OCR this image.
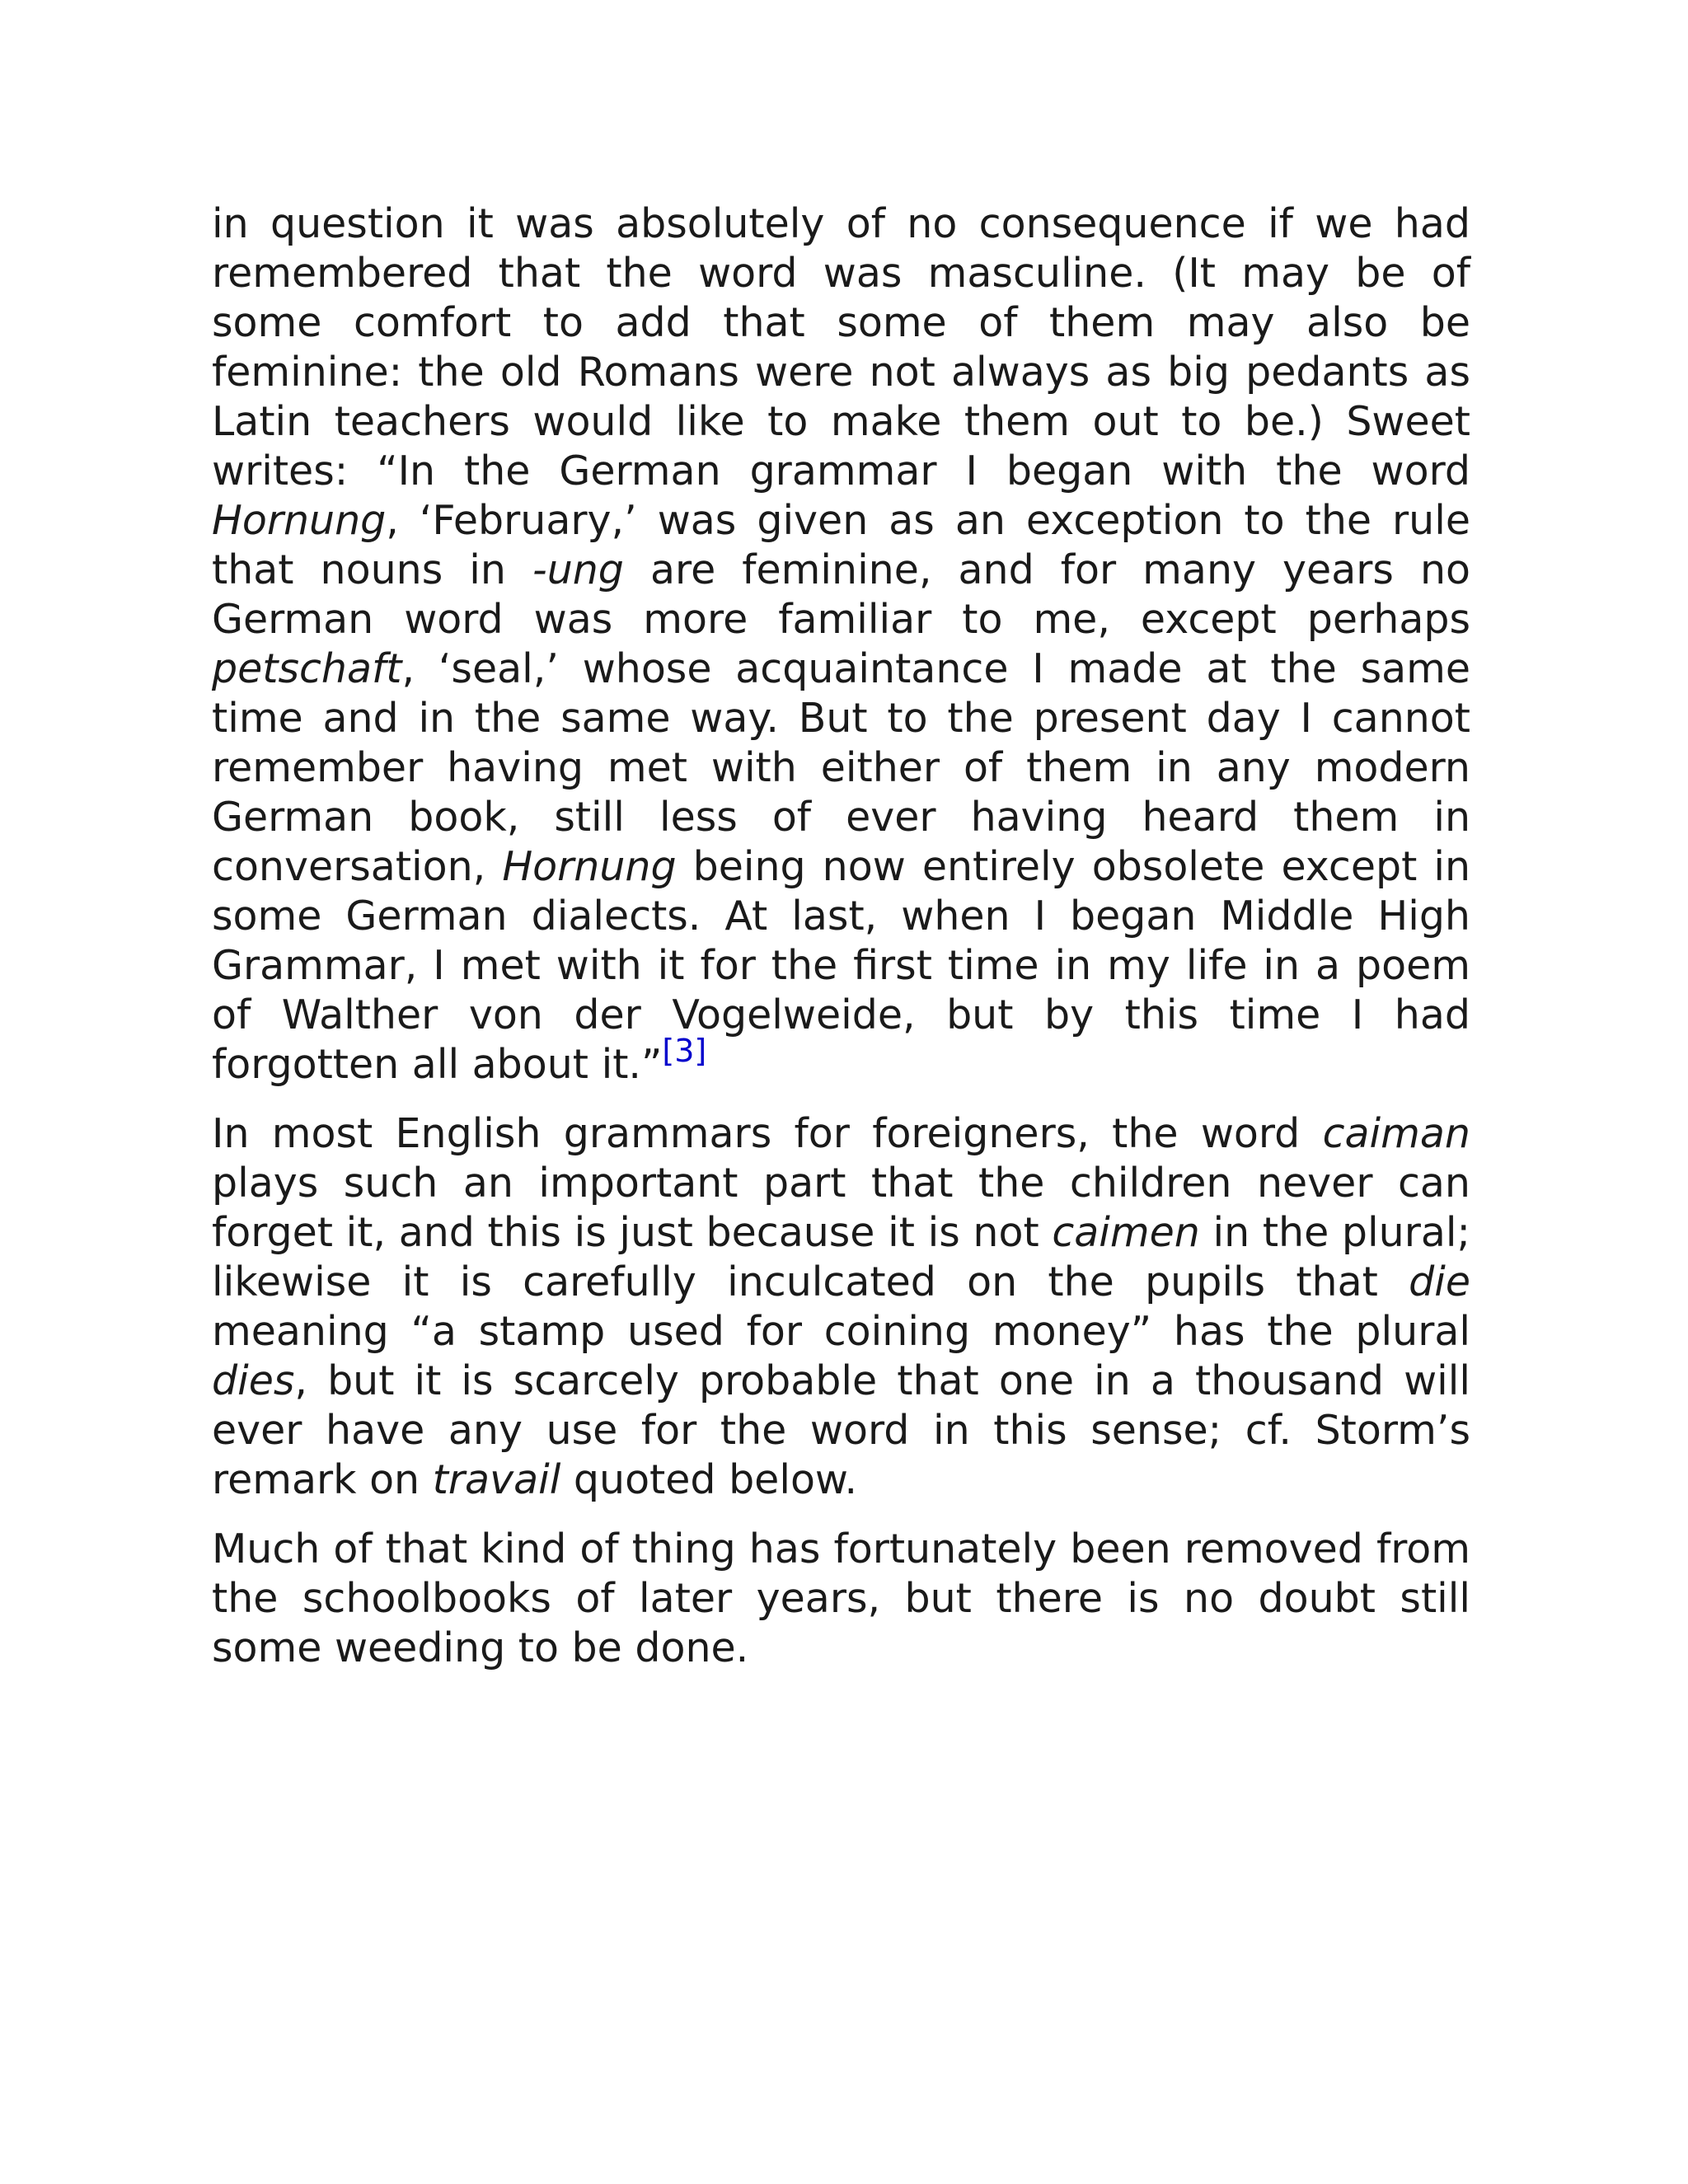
in question it was absolutely of no consequence if we had remembered that the word was masculine. (It may be of some comfort to add that some of them may also be feminine: the old Romans were not always as big pedants as Latin teachers would like to make them out to be.) Sweet writes: “In the German grammar I began with the word Hornung, ‘February,’ was given as an exception to the rule that nouns in -ung are feminine, and for many years no German word was more familiar to me, except perhaps petschaft, ‘seal,’ whose acquaintance I made at the same time and in the same way. But to the present day I cannot remember having met with either of them in any modern German book, still less of ever having heard them in conversation, Hornung being now entirely obsolete except in some German dialects. At last, when I began Middle High Grammar, I met with it for the first time in my life in a poem of Walther von der Vogelweide, but by this time I had forgotten all about it.”[3]

In most English grammars for foreigners, the word caiman plays such an important part that the children never can forget it, and this is just because it is not caimen in the plural; likewise it is carefully inculcated on the pupils that die meaning “a stamp used for coining money” has the plural dies, but it is scarcely probable that one in a thousand will ever have any use for the word in this sense; cf. Storm’s remark on travail quoted below.

Much of that kind of thing has fortunately been removed from the schoolbooks of later years, but there is no doubt still some weeding to be done.
